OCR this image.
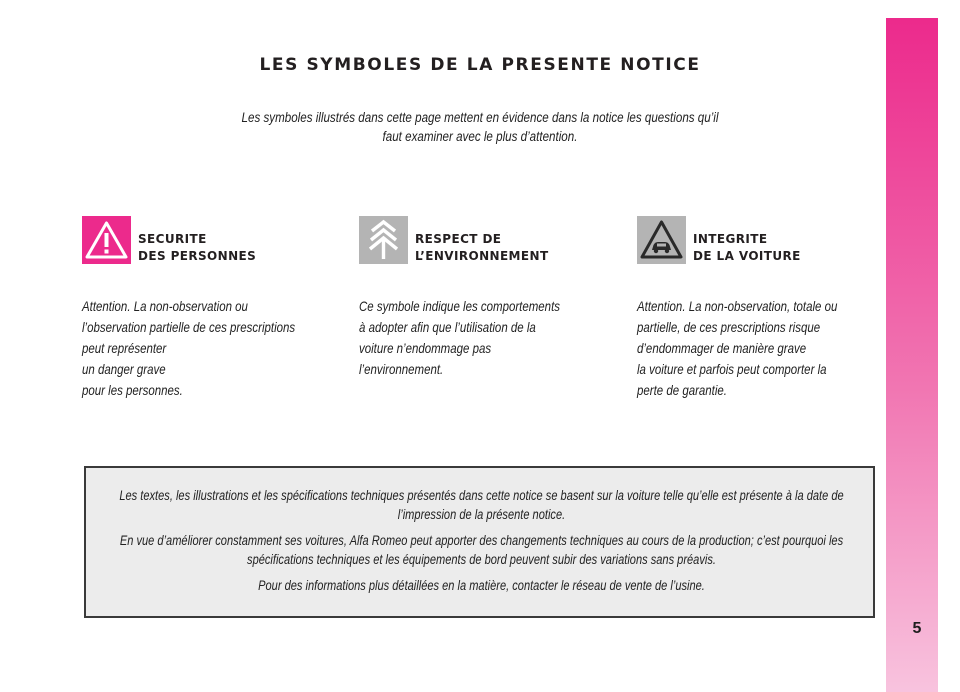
5
LES SYMBOLES DE LA PRESENTE NOTICE
Les symboles illustrés dans cette page mettent en évidence dans la notice les questions qu’il faut examiner avec le plus d’attention.
SECURITE
DES PERSONNES
Attention. La non-observation ou
l’observation partielle de ces prescriptions
peut représenter
un danger grave
pour les personnes.
RESPECT DE
L’ENVIRONNEMENT
Ce symbole indique les comportements
à adopter afin que l’utilisation de la
voiture n’endommage pas
l’environnement.
INTEGRITE
DE LA VOITURE
Attention. La non-observation, totale ou
partielle, de ces prescriptions risque
d’endommager de manière grave
la voiture et parfois peut comporter la
perte de garantie.

Les textes, les illustrations et les spécifications techniques présentés dans cette notice se basent sur la voiture telle qu’elle est présente à la date de l’impression de la présente notice.

En vue d’améliorer constamment ses voitures, Alfa Romeo peut apporter des changements techniques au cours de la production; c’est pourquoi les spécifications techniques et les équipements de bord peuvent subir des variations sans préavis.

Pour des informations plus détaillées en la matière, contacter le réseau de vente de l’usine.
